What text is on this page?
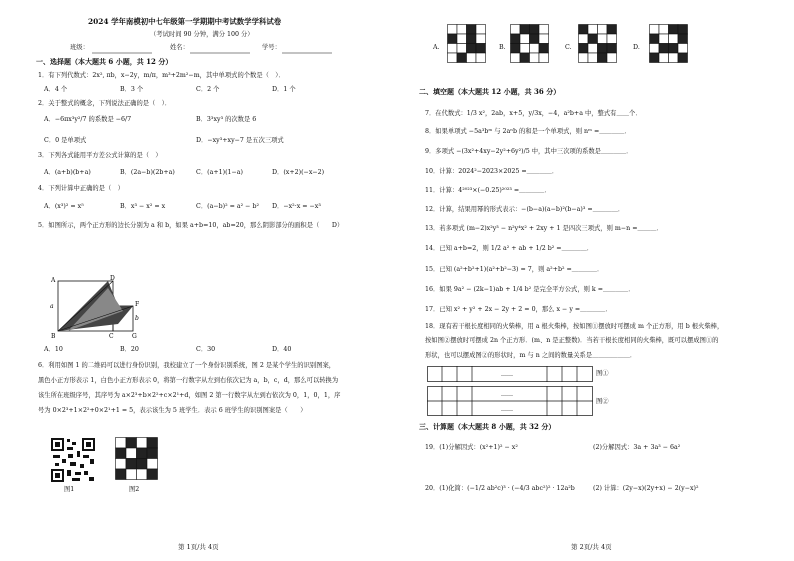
2024 学年南模初中七年级第一学期期中考试数学学科试卷
（考试时间 90 分钟，满分 100 分）
班级：	姓名：	学号：
一、选择题（本大题共 6 小题，共 12 分）
1．有下列代数式：2x², πb，x−2y，m/π，m³+2m²−m，其中单项式的个数是（　）．
A．4 个	B．3 个	C．2 个	D．1 个
2．关于整式的概念，下列说法正确的是（　）．
A．−6πx³y²/7 的系数是 −6/7	B．3³xy³ 的次数是 6
C．0 是单项式	D．−xy³+xy−7 是五次三项式
3．下列各式能用平方差公式计算的是（　）
A．(a+b)(b+a)	B．(2a−b)(2b+a)	C．(a+1)(1−a)	D．(x+2)(−x−2)
4．下列计算中正确的是（　）
A．(x³)² = x⁵	B．x³ − x² = x	C．(a−b)² = a² − b² D．−x²·x = −x³
5．如图所示，两个正方形的边长分别为 a 和 b，如果 a+b=10，ab=20，那么阴影部分的面积是（　　D）
A	D
a	F
b
B	C	G
A．10	B．20	C．30	D．40
6．利用如图 1 的二维码可以进行身份识别，我校建立了一个身份识别系统，图 2 是某个学生的识别图案，
黑色小正方形表示 1，白色小正方形表示 0，将第一行数字从左到右依次记为 a，b，c，d，那么可以转换为
该生所在班级序号，其序号为 a×2³+b×2²+c×2¹+d，如图 2 第一行数字从左到右依次为 0，1，0，1，序
号为 0×2³+1×2²+0×2¹+1 = 5，表示该生为 5 班学生．表示 6 班学生的识别图案是（　　）
图1	图2
第 1页/共 4页
A.	B.	C.	D.
二、填空题（本大题共 12 小题，共 36 分）
7．在代数式：1/3 x²，2ab，x+5，y/3x，−4，a²b+a 中，整式有＿＿个．
8．如果单项式 −5a³bᵐ 与 2aⁿb 的和是一个单项式，则 nᵐ =＿＿＿＿．
9．多项式 −(3x²+4xy−2y²+6y²)/5 中，其中三次项的系数是＿＿＿＿．
10．计算：2024²−2023×2025 =＿＿＿＿．
11．计算：4²⁰²³×(−0.25)²⁰²³ =＿＿＿＿．
12．计算，结果用幂的形式表示：−(b−a)(a−b)²(b−a)³ =＿＿＿＿．
13．若多项式 (m−2)x²y³ − n²y⁴x² + 2xy + 1 是四次三项式，则 m−n =＿＿＿．
14．已知 a+b=2，则 1/2 a² + ab + 1/2 b² =＿＿＿＿．
15．已知 (a²+b²+1)(a²+b²−3) = 7，则 a²+b² =＿＿＿＿．
16．如果 9a² − (2k−1)ab + 1/4 b² 是完全平方公式，则 k =＿＿＿＿．
17．已知 x² + y² + 2x − 2y + 2 = 0，那么 x − y =＿＿＿＿．
18．现有若干根长度相同的火柴棒，用 a 根火柴棒，按如图①摆放时可摆成 m 个正方形，用 b 根火柴棒，
按如图②摆放时可摆成 2n 个正方形．(m、n 是正整数)．当若干根长度相同的火柴棒，既可以摆成图①的
形状，也可以摆成图②的形状时，m 与 n 之间的数量关系是＿＿＿＿＿＿．
……	图①
……
……
图②
三、计算题（本大题共 8 小题，共 32 分）
19．(1)分解因式：(x²+1)² − x²	(2)分解因式：3a + 3a³ − 6a²
20．(1)化简：(−1/2 ab²c)³ · (−4/3 abc²)² · 12a²b	(2) 计算：(2y−x)(2y+x) − 2(y−x)²
第 2页/共 4页
